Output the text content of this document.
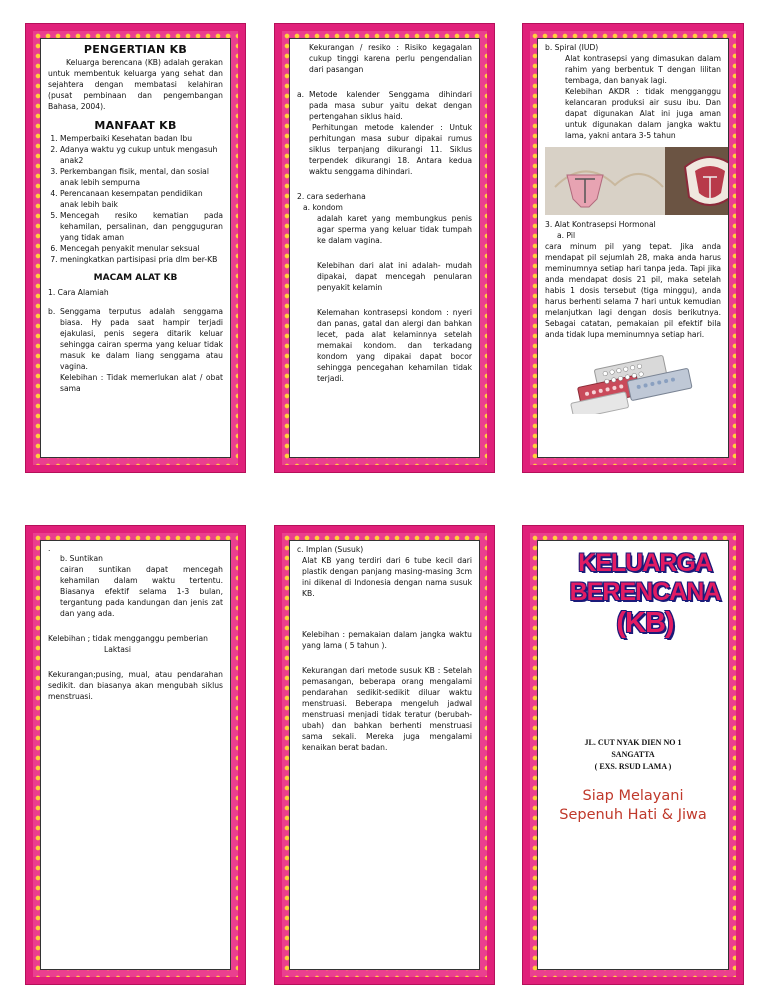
PENGERTIAN KB

Keluarga berencana (KB) adalah gerakan untuk membentuk keluarga yang sehat dan sejahtera dengan membatasi kelahiran (pusat pembinaan dan pengembangan Bahasa, 2004).

MANFAAT KB
1. Memperbaiki Kesehatan badan Ibu
2. Adanya waktu yg cukup untuk mengasuh anak2
3. Perkembangan fisik, mental, dan sosial anak lebih sempurna
4. Perencanaan kesempatan pendidikan anak lebih baik
5. Mencegah resiko kematian pada kehamilan, persalinan, dan pengguguran yang tidak aman
6. Mencegah penyakit menular seksual
7. meningkatkan partisipasi pria dlm ber-KB
MACAM ALAT KB

1. Cara Alamiah

b. Senggama terputus adalah senggama biasa. Hy pada saat hampir terjadi ejakulasi, penis segera ditarik keluar sehingga cairan sperma yang keluar tidak masuk ke dalam liang senggama atau vagina.

Kelebihan : Tidak memerlukan alat / obat sama

Kekurangan / resiko : Risiko kegagalan cukup tinggi karena perlu pengendalian dari pasangan

a. Metode kalender Senggama dihindari pada masa subur yaitu dekat dengan pertengahan siklus haid.

Perhitungan metode kalender : Untuk perhitungan masa subur dipakai rumus siklus terpanjang dikurangi 11. Siklus terpendek dikurangi 18. Antara kedua waktu senggama dihindari.

2. cara sederhana

a. kondom

adalah karet yang membungkus penis agar sperma yang keluar tidak tumpah ke dalam vagina.

Kelebihan dari alat ini adalah- mudah dipakai, dapat mencegah penularan penyakit kelamin

Kelemahan kontrasepsi kondom : nyeri dan panas, gatal dan alergi dan bahkan lecet, pada alat kelaminnya setelah memakai kondom. dan terkadang kondom yang dipakai dapat bocor sehingga pencegahan kehamilan tidak terjadi.

b. Spiral (IUD)

Alat kontrasepsi yang dimasukan dalam rahim yang berbentuk T dengan lilitan tembaga, dan banyak lagi.

Kelebihan AKDR : tidak mengganggu kelancaran produksi air susu ibu. Dan dapat digunakan Alat ini juga aman untuk digunakan dalam jangka waktu lama, yakni antara 3-5 tahun

3. Alat Kontrasepsi Hormonal

a. Pil

cara minum pil yang tepat. Jika anda mendapat pil sejumlah 28, maka anda harus meminumnya setiap hari tanpa jeda. Tapi jika anda mendapat dosis 21 pil, maka setelah habis 1 dosis tersebut (tiga minggu), anda harus berhenti selama 7 hari untuk kemudian melanjutkan lagi dengan dosis berikutnya. Sebagai catatan, pemakaian pil efektif bila anda tidak lupa meminumnya setiap hari.

.

b. Suntikan

cairan suntikan dapat mencegah kehamilan dalam waktu tertentu. Biasanya efektif selama 1-3 bulan, tergantung pada kandungan dan jenis zat dan yang ada.

Kelebihan ; tidak mengganggu pemberian

Laktasi

Kekurangan;pusing, mual, atau pendarahan sedikit. dan biasanya akan mengubah siklus menstruasi.

c. Implan (Susuk)

Alat KB yang terdiri dari 6 tube kecil dari plastik dengan panjang masing-masing 3cm ini dikenal di Indonesia dengan nama susuk KB.

Kelebihan : pemakaian dalam jangka waktu yang lama ( 5 tahun ).

Kekurangan dari metode susuk KB : Setelah pemasangan, beberapa orang mengalami pendarahan sedikit-sedikit diluar waktu menstruasi. Beberapa mengeluh jadwal menstruasi menjadi tidak teratur (berubah-ubah) dan bahkan berhenti menstruasi sama sekali. Mereka juga mengalami kenaikan berat badan.

KELUARGA BERENCANA
(KB)
JL. CUT NYAK DIEN NO 1
SANGATTA
( EXS. RSUD LAMA )
Siap Melayani
Sepenuh Hati & Jiwa
